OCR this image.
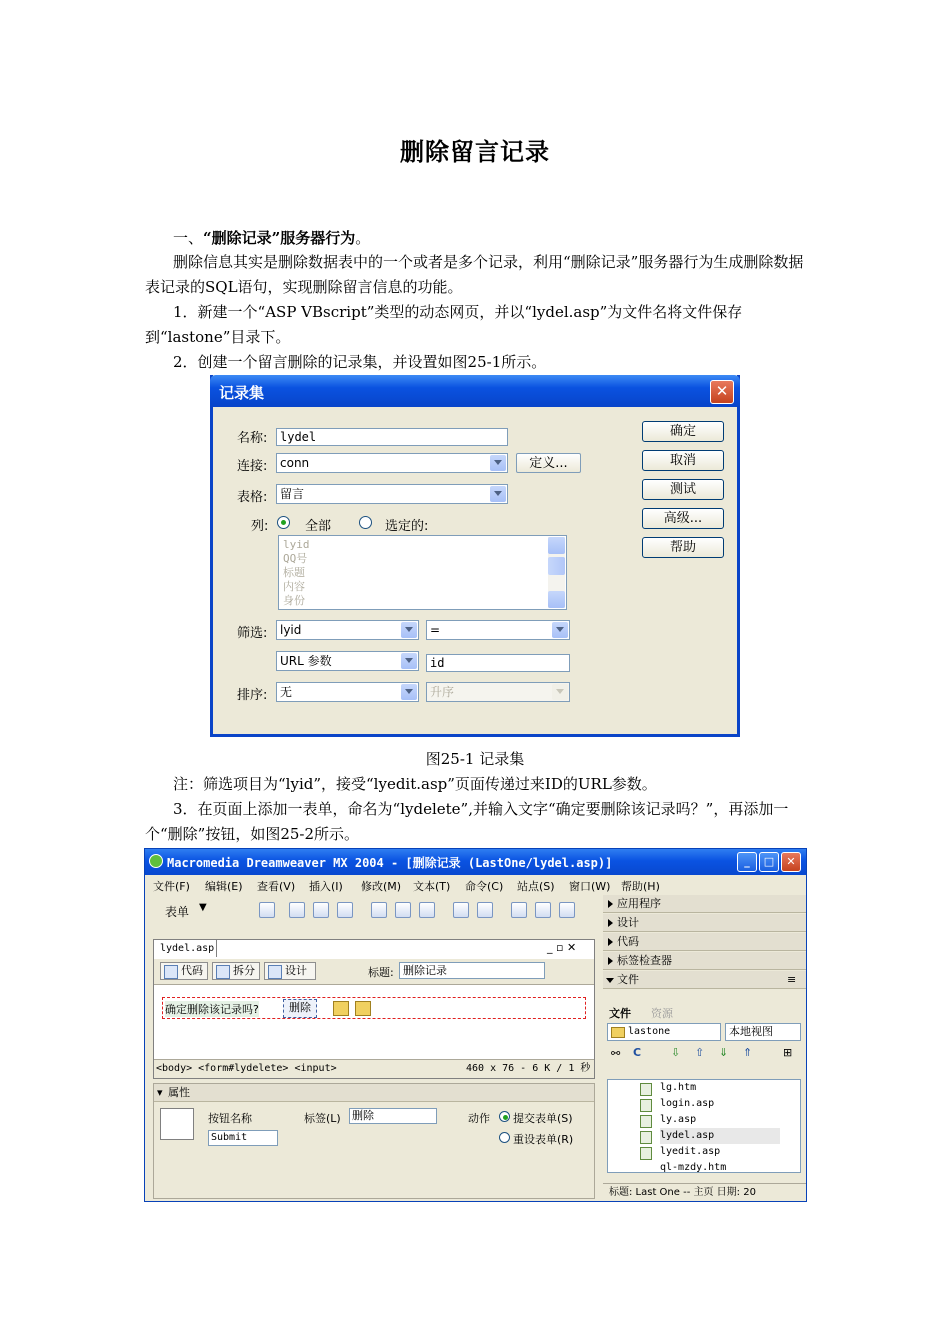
删除留言记录
一、“删除记录”服务器行为。
删除信息其实是删除数据表中的一个或者是多个记录，利用“删除记录”服务器行为生成删除数据表记录的SQL语句，实现删除留言信息的功能。
1．新建一个“ASP VBscript”类型的动态网页，并以“lydel.asp”为文件名将文件保存到“lastone”目录下。
2．创建一个留言删除的记录集，并设置如图25-1所示。
记录集	✕
名称:	lydel
连接:	conn	定义...
表格:	留言
列:	全部	选定的:
lyid
QQ号
标题
内容
身份
筛选:	lyid	=
URL 参数	id
排序:	无	升序
确定
取消
测试
高级...
帮助
图25-1 记录集
注：筛选项目为“lyid”，接受“lyedit.asp”页面传递过来ID的URL参数。
3．在页面上添加一表单，命名为“lydelete”,并输入文字“确定要删除该记录吗？”，再添加一个“删除”按钮，如图25-2所示。
Macromedia Dreamweaver MX 2004 - [删除记录 (LastOne/lydel.asp)]	_	□	✕
文件(F) 编辑(E) 查看(V) 插入(I) 修改(M) 文本(T) 命令(C) 站点(S) 窗口(W) 帮助(H)
表单 ▼	应用程序
设计
代码
标签检查器
文件	≡
lydel.asp	_ ▫ ✕
代码	拆分	设计	标题: 删除记录
确定删除该记录吗?	删除
<body> <form#lydelete> <input>	460 x 76 - 6 K / 1 秒
▾ 属性
按钮名称
Submit
标签(L) 删除	动作 提交表单(S)
重设表单(R)
文件 资源
lastone	本地视图
⚯ C	⇩ ⇧ ⇓ ⇑	⊞
lg.htm
login.asp
ly.asp
lydel.asp
lyedit.asp
ql-mzdy.htm
标题: Last One -- 主页 日期: 20
